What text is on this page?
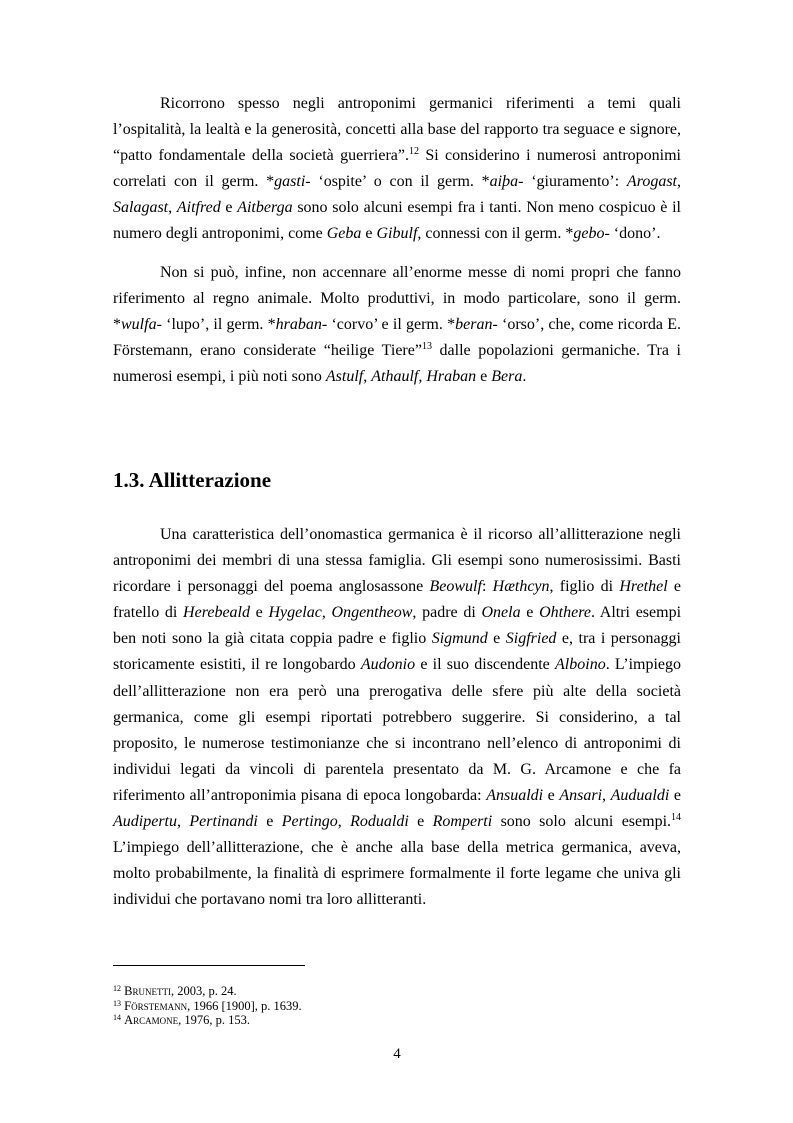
Ricorrono spesso negli antroponimi germanici riferimenti a temi quali l’ospitalità, la lealtà e la generosità, concetti alla base del rapporto tra seguace e signore, “patto fondamentale della società guerriera”.$^{12}$ Si considerino i numerosi antroponimi correlati con il germ. *gasti- ‘ospite’ o con il germ. *aiþa- ‘giuramento’: Arogast, Salagast, Aitfred e Aitberga sono solo alcuni esempi fra i tanti. Non meno cospicuo è il numero degli antroponimi, come Geba e Gibulf, connessi con il germ. *gebo- ‘dono’.

Non si può, infine, non accennare all’enorme messe di nomi propri che fanno riferimento al regno animale. Molto produttivi, in modo particolare, sono il germ. *wulfa- ‘lupo’, il germ. *hraban- ‘corvo’ e il germ. *beran- ‘orso’, che, come ricorda E. Förstemann, erano considerate “heilige Tiere”$^{13}$ dalle popolazioni germaniche. Tra i numerosi esempi, i più noti sono Astulf, Athaulf, Hraban e Bera.

1.3. Allitterazione

Una caratteristica dell’onomastica germanica è il ricorso all’allitterazione negli antroponimi dei membri di una stessa famiglia. Gli esempi sono numerosissimi. Basti ricordare i personaggi del poema anglosassone Beowulf: Hæthcyn, figlio di Hrethel e fratello di Herebeald e Hygelac, Ongentheow, padre di Onela e Ohthere. Altri esempi ben noti sono la già citata coppia padre e figlio Sigmund e Sigfried e, tra i personaggi storicamente esistiti, il re longobardo Audonio e il suo discendente Alboino. L’impiego dell’allitterazione non era però una prerogativa delle sfere più alte della società germanica, come gli esempi riportati potrebbero suggerire. Si considerino, a tal proposito, le numerose testimonianze che si incontrano nell’elenco di antroponimi di individui legati da vincoli di parentela presentato da M. G. Arcamone e che fa riferimento all’antroponimia pisana di epoca longobarda: Ansualdi e Ansari, Audualdi e Audipertu, Pertinandi e Pertingo, Rodualdi e Romperti sono solo alcuni esempi.$^{14}$ L’impiego dell’allitterazione, che è anche alla base della metrica germanica, aveva, molto probabilmente, la finalità di esprimere formalmente il forte legame che univa gli individui che portavano nomi tra loro allitteranti.

$^{12}$ Brunetti, 2003, p. 24.
$^{13}$ Förstemann, 1966 [1900], p. 1639.
$^{14}$ Arcamone, 1976, p. 153.
4
